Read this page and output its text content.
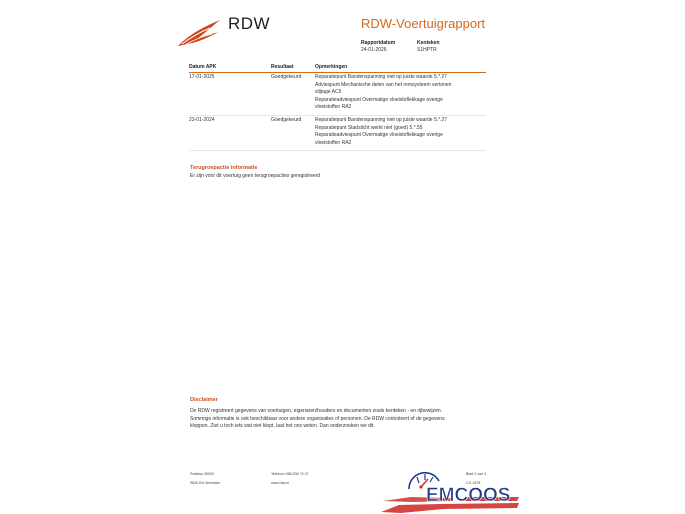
RDW	RDW-Voertuigrapport
Rapportdatum
24-01-2026
Kenteken
S1HPTR
Datum APK	Resultaat	Opmerkingen
17-01-2025	Goedgekeurd	Reparatiepunt Bandenspanning niet op juiste waarde 5.*.27
Adviespunt Mechanische delen van het remsysteem vertonen
slijtage AC5
Reparatieadviespunt Overmatige vloeistoflekkage overige
vloeistoffen RA2
23-01-2024	Goedgekeurd	Reparatiepunt Bandenspanning niet op juiste waarde 5.*.27
Reparatiepunt Stadslicht werkt niet (goed) 5.*.55
Reparatieadviespunt Overmatige vloeistoflekkage overige
vloeistoffen RA2
Terugroepactie informatie
Er zijn voor dit voertuig geen terugroepacties geregistreerd
Disclaimer
De RDW registreert gegevens van voertuigen, eigenaren/houders en documenten zoals kenteken - en rijbewijzen.
Sommige informatie is ook beschikbaar voor andere organisaties of personen. De RDW controleert of de gegevens
kloppen. Ziet u toch iets wat niet klopt, laat het ons weten. Dan onderzoeken we dit.
Postbus 30000
9640 RA Veendam
Telefoon 088 008 74 47
www.rdw.nl
Blad 2 van 3
2.E.1678
EMCOOS
